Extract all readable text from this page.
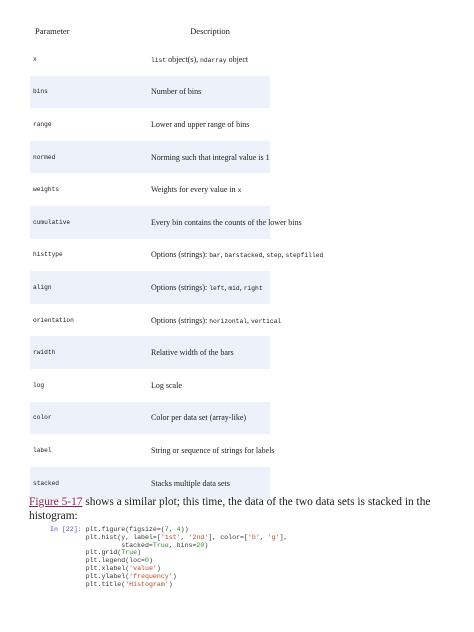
Parameter	Description
x	list object(s), ndarray object
bins	Number of bins
range	Lower and upper range of bins
normed	Norming such that integral value is 1
weights	Weights for every value in x
cumulative	Every bin contains the counts of the lower bins
histtype	Options (strings): bar, barstacked, step, stepfilled
align	Options (strings): left, mid, right
orientation	Options (strings): horizontal, vertical
rwidth	Relative width of the bars
log	Log scale
color	Color per data set (array-like)
label	String or sequence of strings for labels
stacked	Stacks multiple data sets

Figure 5-17 shows a similar plot; this time, the data of the two data sets is stacked in the histogram:

In [22]: plt.figure(figsize=(7, 4))
plt.hist(y, label=['1st', '2nd'], color=['b', 'g'],
stacked=True, bins=20)
plt.grid(True)
plt.legend(loc=0)
plt.xlabel('value')
plt.ylabel('frequency')
plt.title('Histogram')
